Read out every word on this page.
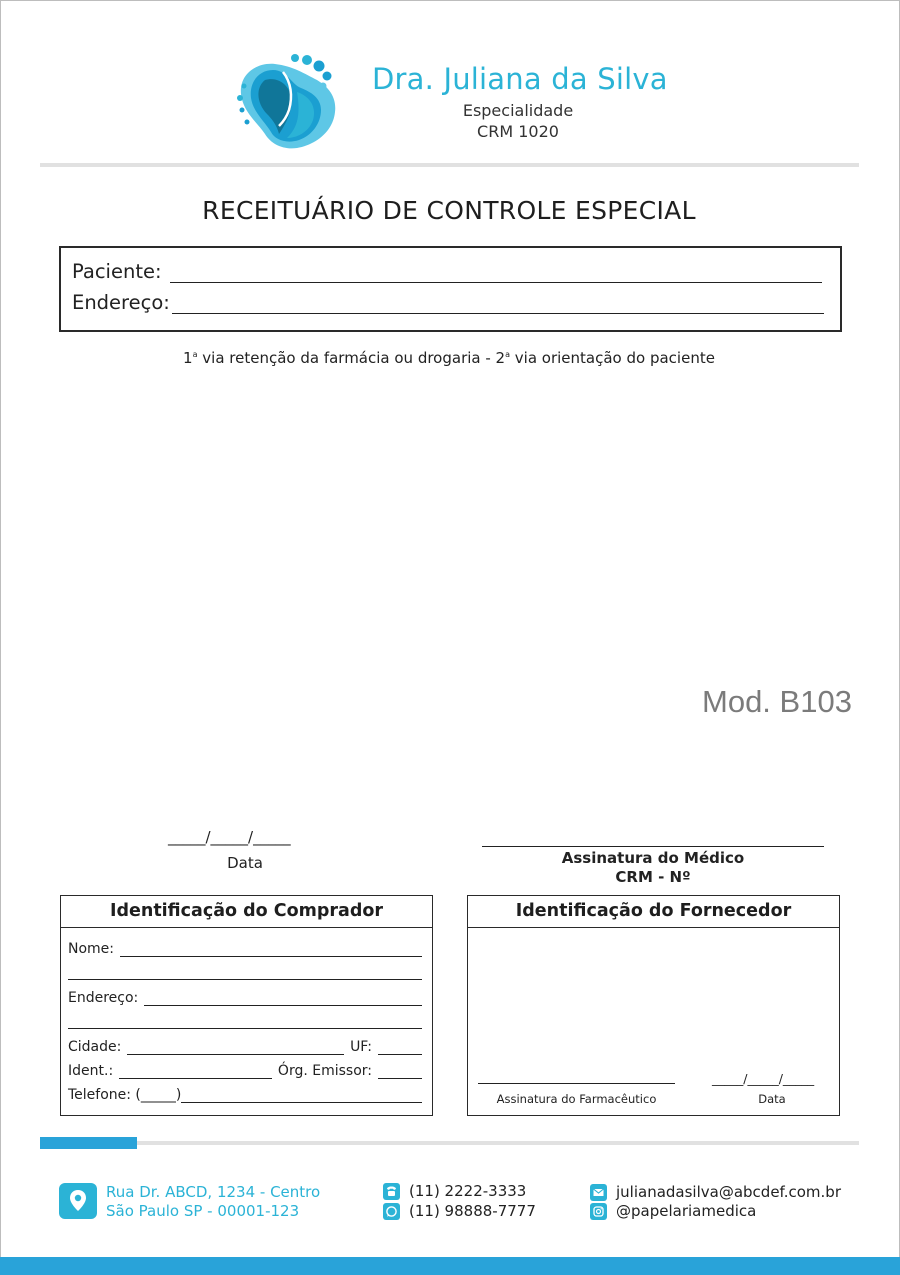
Dra. Juliana da Silva
Especialidade
CRM 1020
RECEITUÁRIO DE CONTROLE ESPECIAL
Paciente:
Endereço:
1$^a$ via retenção da farmácia ou drogaria - 2$^a$ via orientação do paciente
Mod. B103
_____/_____/_____
Data	Assinatura do Médico
CRM - Nº
Identificação do Comprador
Nome:
Endereço:
Cidade:	UF:
Ident.:	Órg. Emissor:
Telefone: (_____)
Identificação do Fornecedor
Assinatura do Farmacêutico
_____/_____/_____
Data
Rua Dr. ABCD, 1234 - Centro
São Paulo SP - 00001-123
(11) 2222-3333
(11) 98888-7777
julianadasilva@abcdef.com.br
@papelariamedica
